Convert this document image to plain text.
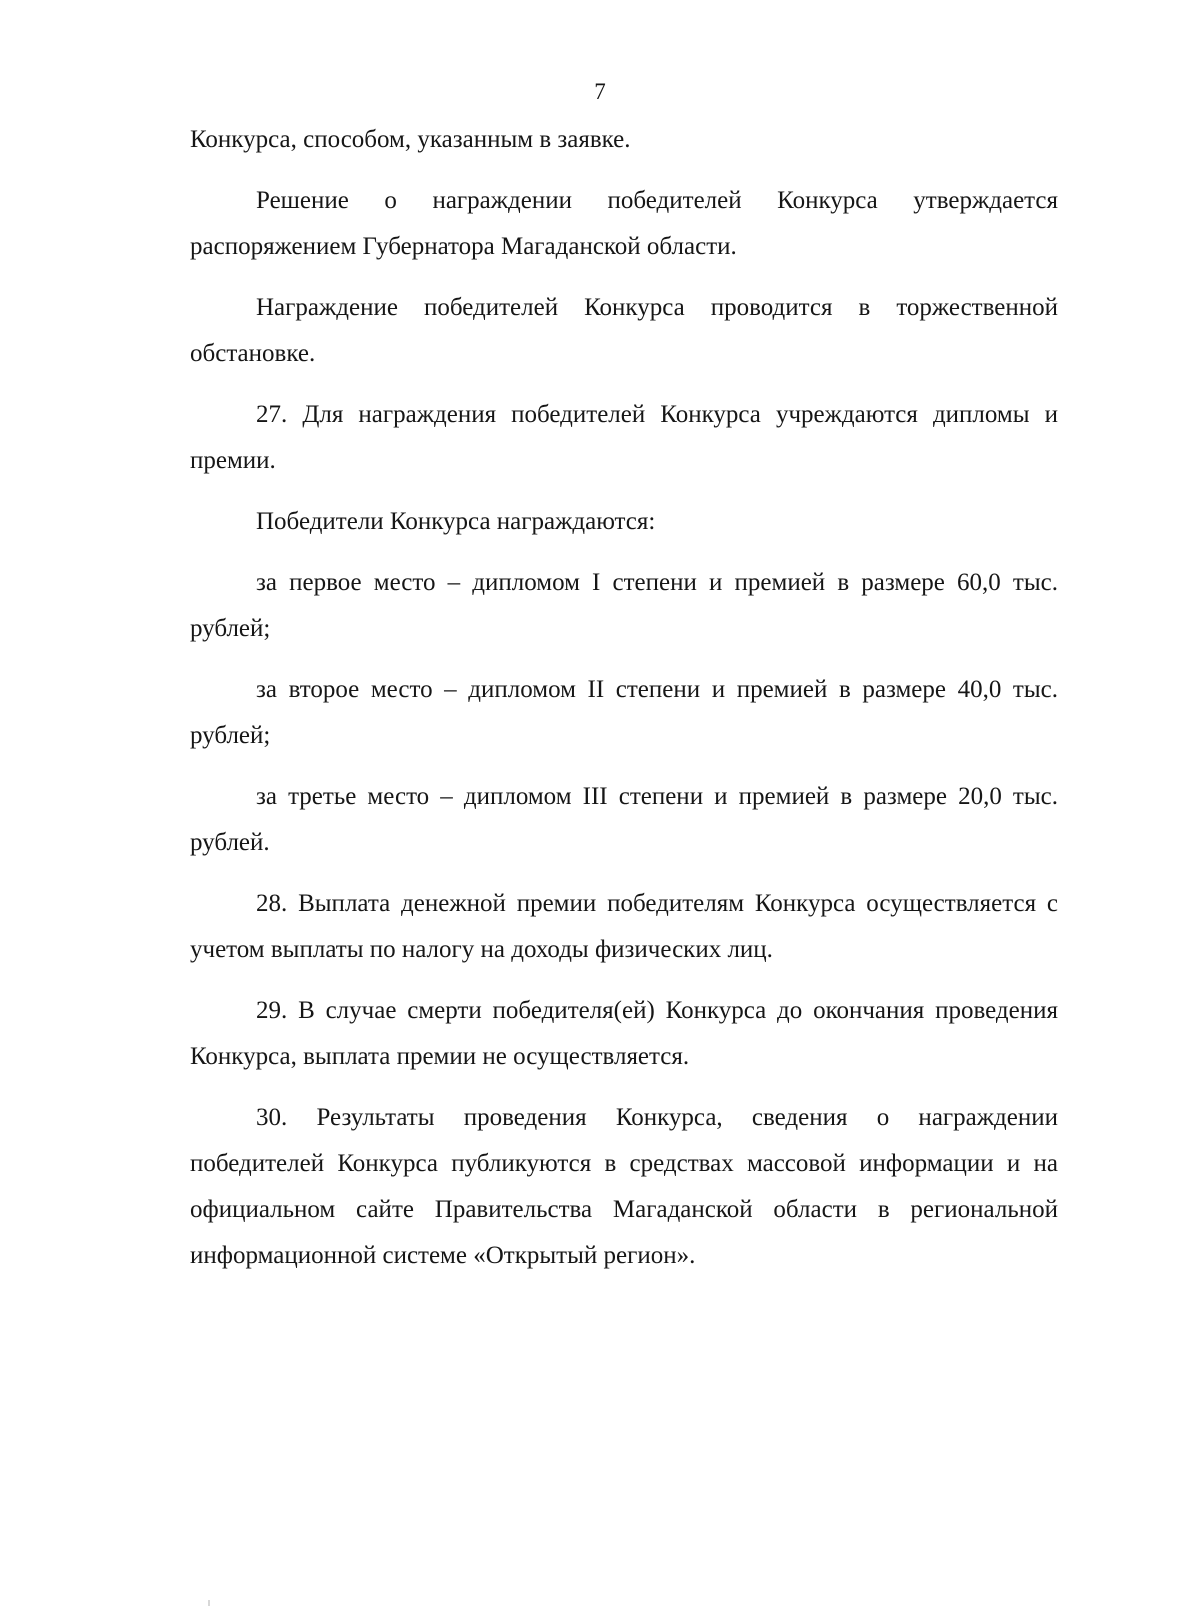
7

Конкурса, способом, указанным в заявке.

Решение о награждении победителей Конкурса утверждается распоряжением Губернатора Магаданской области.

Награждение победителей Конкурса проводится в торжественной обстановке.

27. Для награждения победителей Конкурса учреждаются дипломы и премии.

Победители Конкурса награждаются:

за первое место – дипломом I степени и премией в размере 60,0 тыс. рублей;

за второе место – дипломом II степени и премией в размере 40,0 тыс. рублей;

за третье место – дипломом III степени и премией в размере 20,0 тыс. рублей.

28. Выплата денежной премии победителям Конкурса осуществляется с учетом выплаты по налогу на доходы физических лиц.

29. В случае смерти победителя(ей) Конкурса до окончания проведения Конкурса, выплата премии не осуществляется.

30. Результаты проведения Конкурса, сведения о награждении победителей Конкурса публикуются в средствах массовой информации и на официальном сайте Правительства Магаданской области в региональной информационной системе «Открытый регион».
